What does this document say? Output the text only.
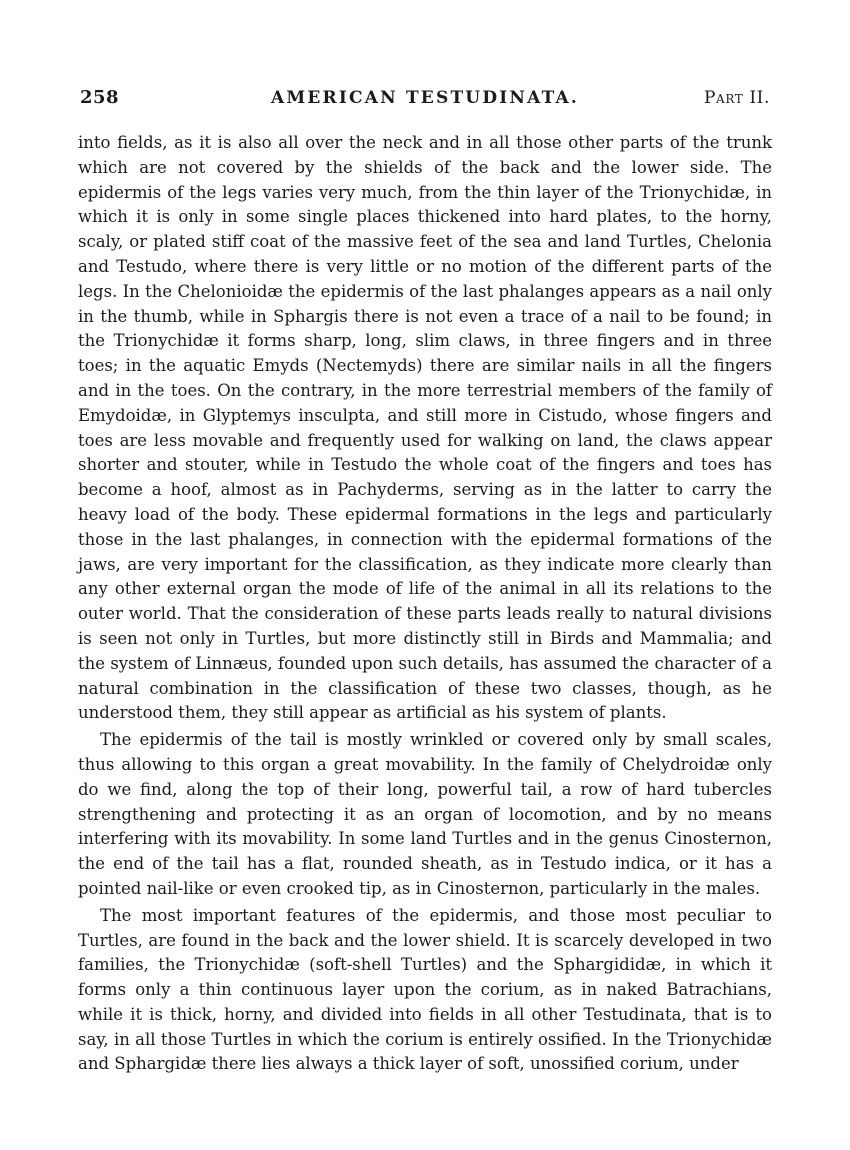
258	AMERICAN TESTUDINATA.	Part II.

into fields, as it is also all over the neck and in all those other parts of the trunk which are not covered by the shields of the back and the lower side. The epidermis of the legs varies very much, from the thin layer of the Trionychidæ, in which it is only in some single places thickened into hard plates, to the horny, scaly, or plated stiff coat of the massive feet of the sea and land Turtles, Chelonia and Testudo, where there is very little or no motion of the different parts of the legs. In the Chelonioidæ the epidermis of the last phalanges appears as a nail only in the thumb, while in Sphargis there is not even a trace of a nail to be found; in the Trionychidæ it forms sharp, long, slim claws, in three fingers and in three toes; in the aquatic Emyds (Nectemyds) there are similar nails in all the fingers and in the toes. On the contrary, in the more terrestrial members of the family of Emydoidæ, in Glyptemys insculpta, and still more in Cistudo, whose fingers and toes are less movable and frequently used for walking on land, the claws appear shorter and stouter, while in Testudo the whole coat of the fingers and toes has become a hoof, almost as in Pachyderms, serving as in the latter to carry the heavy load of the body. These epidermal formations in the legs and particularly those in the last phalanges, in connection with the epidermal formations of the jaws, are very important for the classification, as they indicate more clearly than any other external organ the mode of life of the animal in all its relations to the outer world. That the consideration of these parts leads really to natural divisions is seen not only in Turtles, but more distinctly still in Birds and Mammalia; and the system of Linnæus, founded upon such details, has assumed the character of a natural combination in the classification of these two classes, though, as he understood them, they still appear as artificial as his system of plants.

The epidermis of the tail is mostly wrinkled or covered only by small scales, thus allowing to this organ a great movability. In the family of Chelydroidæ only do we find, along the top of their long, powerful tail, a row of hard tubercles strengthening and protecting it as an organ of locomotion, and by no means interfering with its movability. In some land Turtles and in the genus Cinosternon, the end of the tail has a flat, rounded sheath, as in Testudo indica, or it has a pointed nail-like or even crooked tip, as in Cinosternon, particularly in the males.

The most important features of the epidermis, and those most peculiar to Turtles, are found in the back and the lower shield. It is scarcely developed in two families, the Trionychidæ (soft-shell Turtles) and the Sphargididæ, in which it forms only a thin continuous layer upon the corium, as in naked Batrachians, while it is thick, horny, and divided into fields in all other Testudinata, that is to say, in all those Turtles in which the corium is entirely ossified. In the Trionychidæ and Sphargidæ there lies always a thick layer of soft, unossified corium, under
